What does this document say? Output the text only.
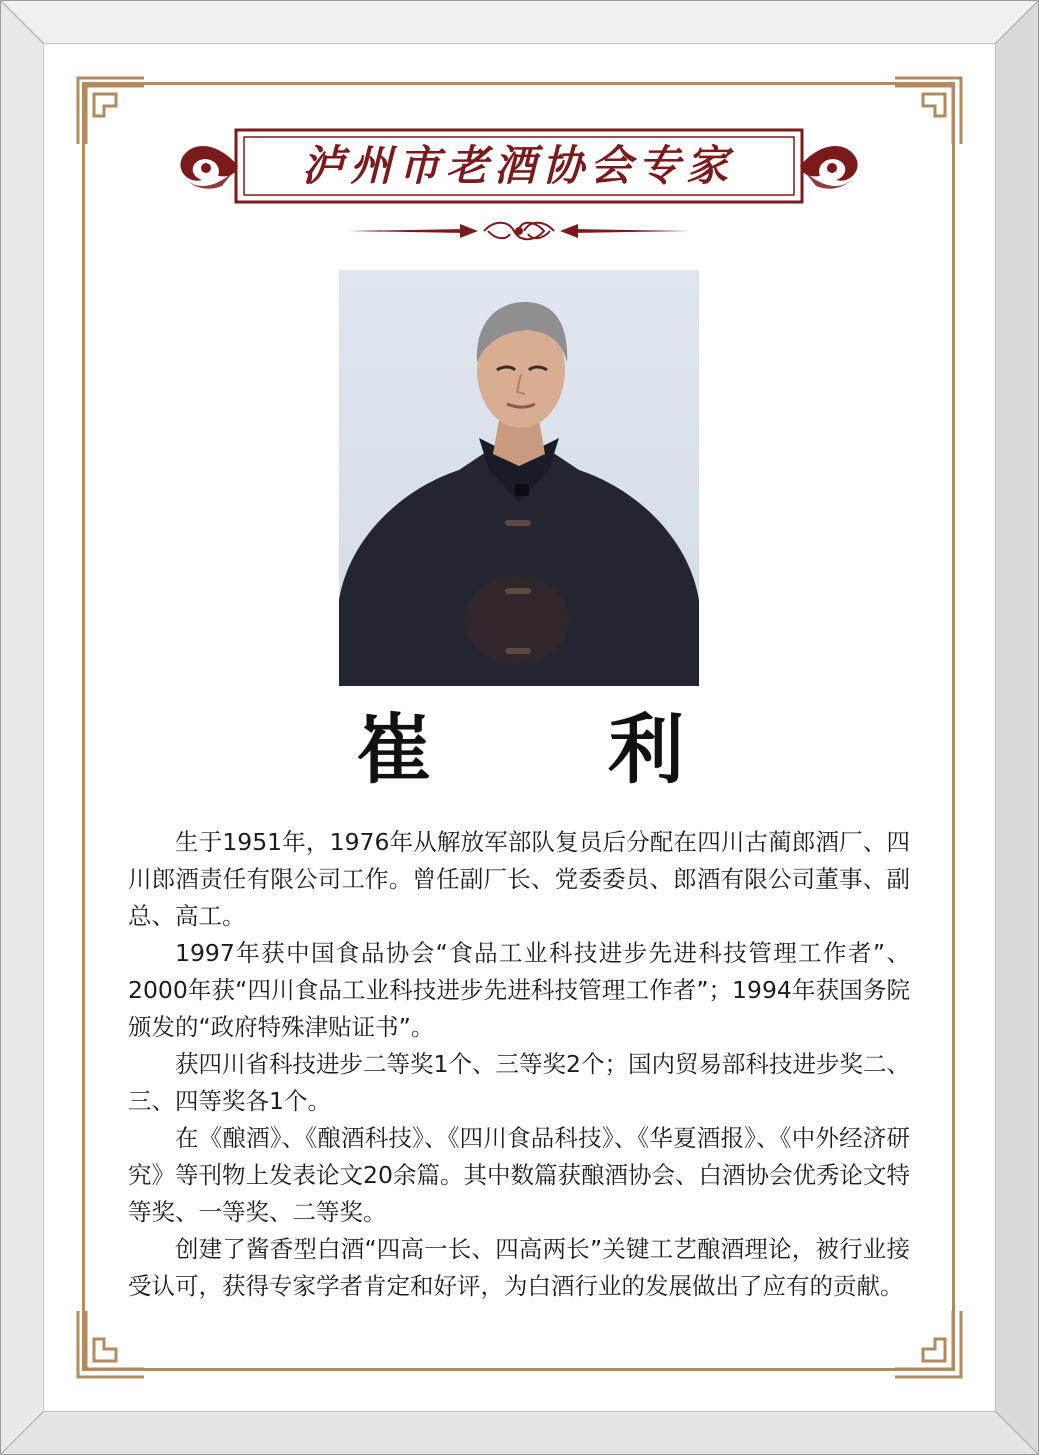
泸州市老酒协会专家
崔　利

生于1951年，1976年从解放军部队复员后分配在四川古蔺郎酒厂、四川郎酒责任有限公司工作。曾任副厂长、党委委员、郎酒有限公司董事、副总、高工。

1997年获中国食品协会“食品工业科技进步先进科技管理工作者”、2000年获“四川食品工业科技进步先进科技管理工作者”；1994年获国务院颁发的“政府特殊津贴证书”。

获四川省科技进步二等奖1个、三等奖2个；国内贸易部科技进步奖二、三、四等奖各1个。

在《酿酒》、《酿酒科技》、《四川食品科技》、《华夏酒报》、《中外经济研究》等刊物上发表论文20余篇。其中数篇获酿酒协会、白酒协会优秀论文特等奖、一等奖、二等奖。

创建了酱香型白酒“四高一长、四高两长”关键工艺酿酒理论，被行业接受认可，获得专家学者肯定和好评，为白酒行业的发展做出了应有的贡献。
